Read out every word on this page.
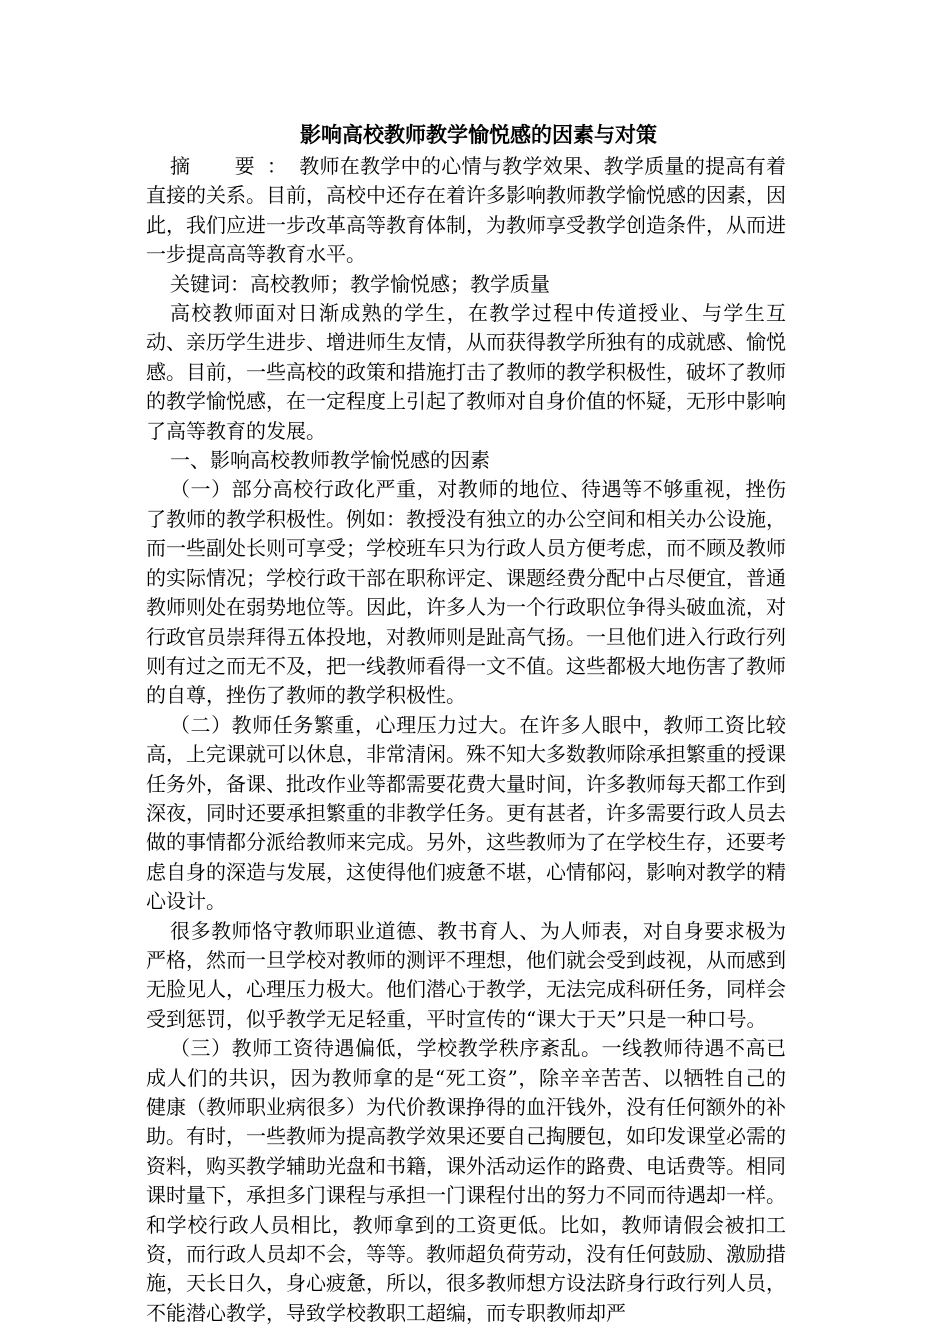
影响高校教师教学愉悦感的因素与对策

摘　要：教师在教学中的心情与教学效果、教学质量的提高有着直接的关系。目前，高校中还存在着许多影响教师教学愉悦感的因素，因此，我们应进一步改革高等教育体制，为教师享受教学创造条件，从而进一步提高高等教育水平。

关键词：高校教师；教学愉悦感；教学质量

高校教师面对日渐成熟的学生，在教学过程中传道授业、与学生互动、亲历学生进步、增进师生友情，从而获得教学所独有的成就感、愉悦感。目前，一些高校的政策和措施打击了教师的教学积极性，破坏了教师的教学愉悦感，在一定程度上引起了教师对自身价值的怀疑，无形中影响了高等教育的发展。

一、影响高校教师教学愉悦感的因素

（一）部分高校行政化严重，对教师的地位、待遇等不够重视，挫伤了教师的教学积极性。例如：教授没有独立的办公空间和相关办公设施，而一些副处长则可享受；学校班车只为行政人员方便考虑，而不顾及教师的实际情况；学校行政干部在职称评定、课题经费分配中占尽便宜，普通教师则处在弱势地位等。因此，许多人为一个行政职位争得头破血流，对行政官员崇拜得五体投地，对教师则是趾高气扬。一旦他们进入行政行列则有过之而无不及，把一线教师看得一文不值。这些都极大地伤害了教师的自尊，挫伤了教师的教学积极性。

（二）教师任务繁重，心理压力过大。在许多人眼中，教师工资比较高，上完课就可以休息，非常清闲。殊不知大多数教师除承担繁重的授课任务外，备课、批改作业等都需要花费大量时间，许多教师每天都工作到深夜，同时还要承担繁重的非教学任务。更有甚者，许多需要行政人员去做的事情都分派给教师来完成。另外，这些教师为了在学校生存，还要考虑自身的深造与发展，这使得他们疲惫不堪，心情郁闷，影响对教学的精心设计。

很多教师恪守教师职业道德、教书育人、为人师表，对自身要求极为严格，然而一旦学校对教师的测评不理想，他们就会受到歧视，从而感到无脸见人，心理压力极大。他们潜心于教学，无法完成科研任务，同样会受到惩罚，似乎教学无足轻重，平时宣传的“课大于天”只是一种口号。

（三）教师工资待遇偏低，学校教学秩序紊乱。一线教师待遇不高已成人们的共识，因为教师拿的是“死工资”，除辛辛苦苦、以牺牲自己的健康（教师职业病很多）为代价教课挣得的血汗钱外，没有任何额外的补助。有时，一些教师为提高教学效果还要自己掏腰包，如印发课堂必需的资料，购买教学辅助光盘和书籍，课外活动运作的路费、电话费等。相同课时量下，承担多门课程与承担一门课程付出的努力不同而待遇却一样。和学校行政人员相比，教师拿到的工资更低。比如，教师请假会被扣工资，而行政人员却不会，等等。教师超负荷劳动，没有任何鼓励、激励措施，天长日久，身心疲惫，所以，很多教师想方设法跻身行政行列人员，不能潜心教学，导致学校教职工超编，而专职教师却严
